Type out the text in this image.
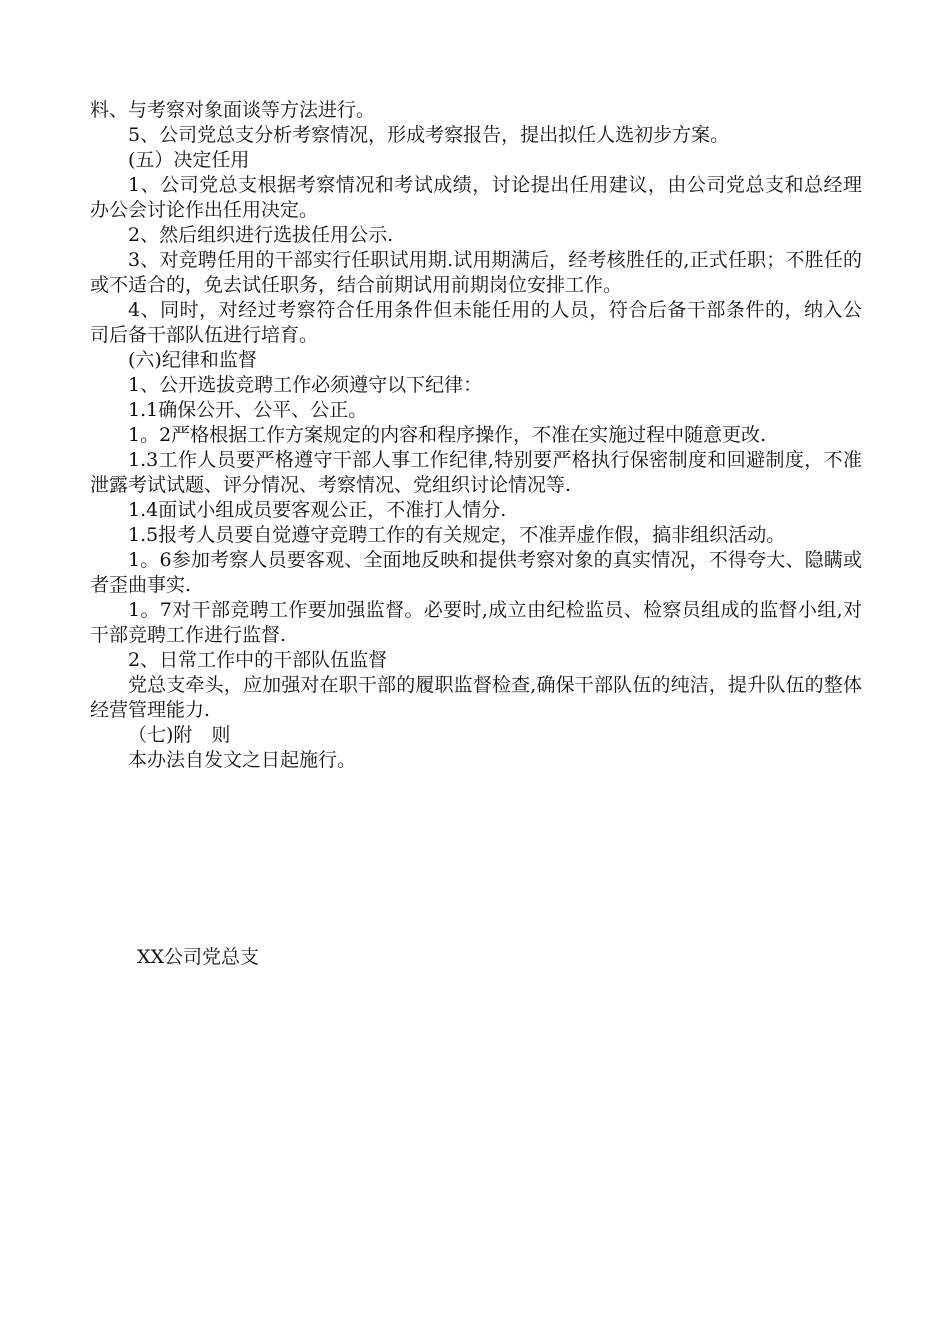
料、与考察对象面谈等方法进行。

5、公司党总支分析考察情况，形成考察报告，提出拟任人选初步方案。

(五）决定任用

1、公司党总支根据考察情况和考试成绩，讨论提出任用建议，由公司党总支和总经理办公会讨论作出任用决定。

2、然后组织进行选拔任用公示.

3、对竞聘任用的干部实行任职试用期.试用期满后，经考核胜任的,正式任职；不胜任的或不适合的，免去试任职务，结合前期试用前期岗位安排工作。

4、同时，对经过考察符合任用条件但未能任用的人员，符合后备干部条件的，纳入公司后备干部队伍进行培育。

(六)纪律和监督

1、公开选拔竞聘工作必须遵守以下纪律：

1.1确保公开、公平、公正。

1。2严格根据工作方案规定的内容和程序操作，不准在实施过程中随意更改.

1.3工作人员要严格遵守干部人事工作纪律,特别要严格执行保密制度和回避制度，不准泄露考试试题、评分情况、考察情况、党组织讨论情况等.

1.4面试小组成员要客观公正，不准打人情分.

1.5报考人员要自觉遵守竞聘工作的有关规定，不准弄虚作假，搞非组织活动。

1。6参加考察人员要客观、全面地反映和提供考察对象的真实情况，不得夸大、隐瞒或者歪曲事实.

1。7对干部竞聘工作要加强监督。必要时,成立由纪检监员、检察员组成的监督小组,对干部竞聘工作进行监督.

2、日常工作中的干部队伍监督

党总支牵头，应加强对在职干部的履职监督检查,确保干部队伍的纯洁，提升队伍的整体经营管理能力.

（七)附　则

本办法自发文之日起施行。

XX公司党总支
